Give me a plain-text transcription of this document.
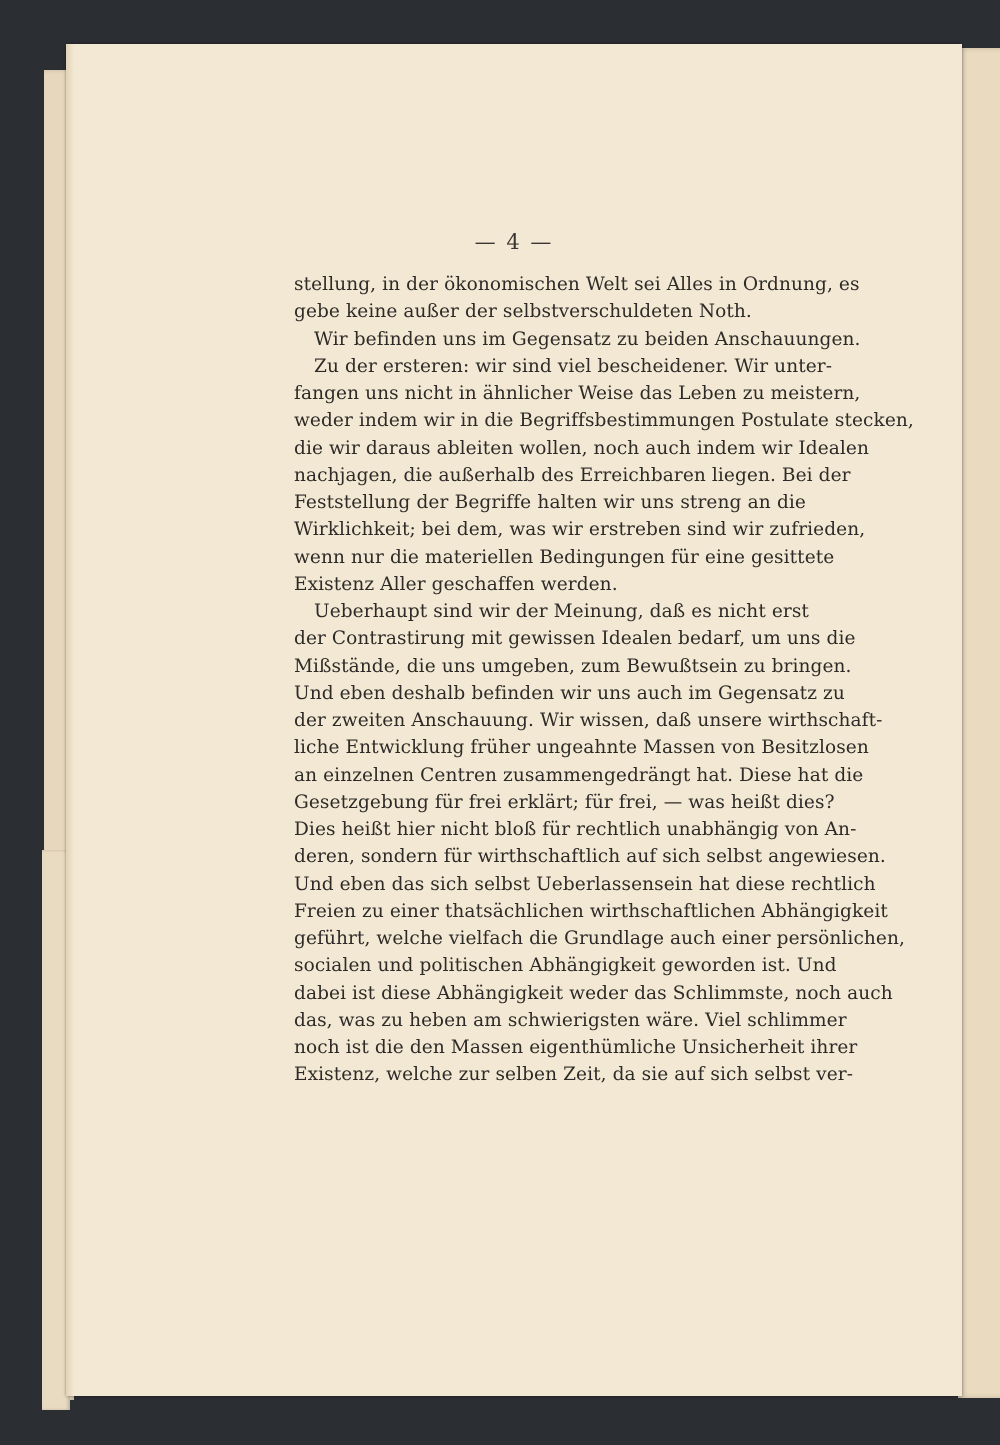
— 4 —
stellung, in der ökonomischen Welt sei Alles in Ordnung, es
gebe keine außer der selbstverschuldeten Noth.
Wir befinden uns im Gegensatz zu beiden Anschauungen.
Zu der ersteren: wir sind viel bescheidener. Wir unter-
fangen uns nicht in ähnlicher Weise das Leben zu meistern,
weder indem wir in die Begriffsbestimmungen Postulate stecken,
die wir daraus ableiten wollen, noch auch indem wir Idealen
nachjagen, die außerhalb des Erreichbaren liegen. Bei der
Feststellung der Begriffe halten wir uns streng an die
Wirklichkeit; bei dem, was wir erstreben sind wir zufrieden,
wenn nur die materiellen Bedingungen für eine gesittete
Existenz Aller geschaffen werden.
Ueberhaupt sind wir der Meinung, daß es nicht erst
der Contrastirung mit gewissen Idealen bedarf, um uns die
Mißstände, die uns umgeben, zum Bewußtsein zu bringen.
Und eben deshalb befinden wir uns auch im Gegensatz zu
der zweiten Anschauung. Wir wissen, daß unsere wirthschaft-
liche Entwicklung früher ungeahnte Massen von Besitzlosen
an einzelnen Centren zusammengedrängt hat. Diese hat die
Gesetzgebung für frei erklärt; für frei, — was heißt dies?
Dies heißt hier nicht bloß für rechtlich unabhängig von An-
deren, sondern für wirthschaftlich auf sich selbst angewiesen.
Und eben das sich selbst Ueberlassensein hat diese rechtlich
Freien zu einer thatsächlichen wirthschaftlichen Abhängigkeit
geführt, welche vielfach die Grundlage auch einer persönlichen,
socialen und politischen Abhängigkeit geworden ist. Und
dabei ist diese Abhängigkeit weder das Schlimmste, noch auch
das, was zu heben am schwierigsten wäre. Viel schlimmer
noch ist die den Massen eigenthümliche Unsicherheit ihrer
Existenz, welche zur selben Zeit, da sie auf sich selbst ver-
